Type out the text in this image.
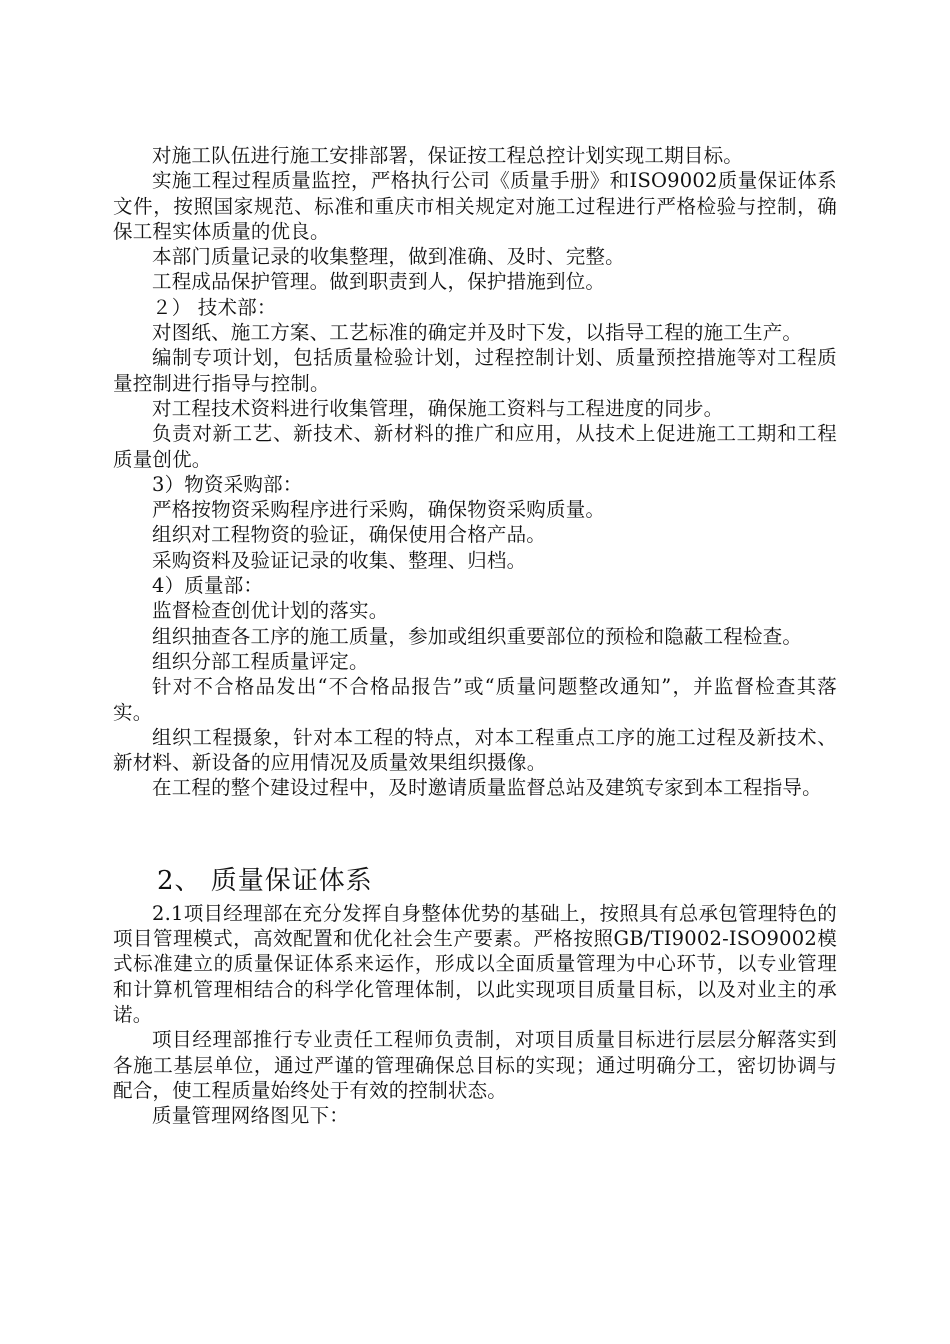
对施工队伍进行施工安排部署，保证按工程总控计划实现工期目标。

实施工程过程质量监控，严格执行公司《质量手册》和ISO9002质量保证体系文件，按照国家规范、标准和重庆市相关规定对施工过程进行严格检验与控制，确保工程实体质量的优良。

本部门质量记录的收集整理，做到准确、及时、完整。

工程成品保护管理。做到职责到人，保护措施到位。

２） 技术部：

对图纸、施工方案、工艺标准的确定并及时下发，以指导工程的施工生产。

编制专项计划，包括质量检验计划，过程控制计划、质量预控措施等对工程质量控制进行指导与控制。

对工程技术资料进行收集管理，确保施工资料与工程进度的同步。

负责对新工艺、新技术、新材料的推广和应用，从技术上促进施工工期和工程质量创优。

3）物资采购部：

严格按物资采购程序进行采购，确保物资采购质量。

组织对工程物资的验证，确保使用合格产品。

采购资料及验证记录的收集、整理、归档。

4）质量部：

监督检查创优计划的落实。

组织抽查各工序的施工质量，参加或组织重要部位的预检和隐蔽工程检查。

组织分部工程质量评定。

针对不合格品发出“不合格品报告”或“质量问题整改通知”，并监督检查其落实。

组织工程摄象，针对本工程的特点，对本工程重点工序的施工过程及新技术、新材料、新设备的应用情况及质量效果组织摄像。

在工程的整个建设过程中，及时邀请质量监督总站及建筑专家到本工程指导。

2、 质量保证体系

2.1项目经理部在充分发挥自身整体优势的基础上，按照具有总承包管理特色的项目管理模式，高效配置和优化社会生产要素。严格按照GB/TI9002-ISO9002模式标准建立的质量保证体系来运作，形成以全面质量管理为中心环节，以专业管理和计算机管理相结合的科学化管理体制，以此实现项目质量目标，以及对业主的承诺。

项目经理部推行专业责任工程师负责制，对项目质量目标进行层层分解落实到各施工基层单位，通过严谨的管理确保总目标的实现；通过明确分工，密切协调与配合，使工程质量始终处于有效的控制状态。

质量管理网络图见下：
